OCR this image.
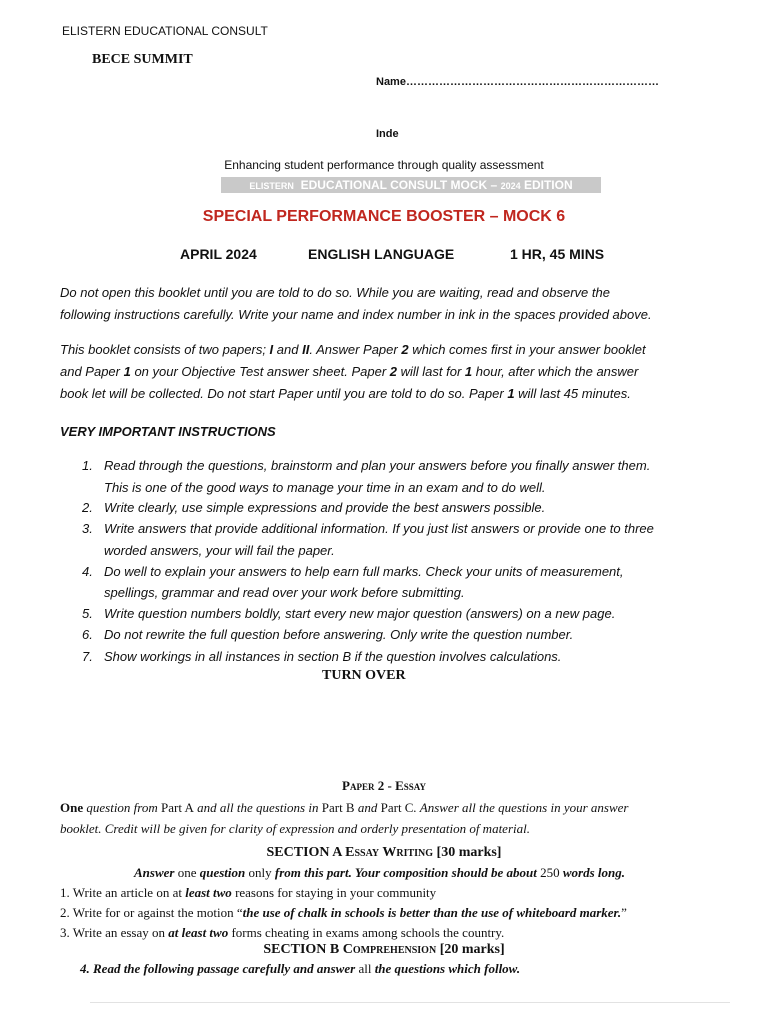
ELISTERN EDUCATIONAL CONSULT
BECE SUMMIT
Name……………………………………………………………
Inde
Enhancing student performance through quality assessment
ELISTERN EDUCATIONAL CONSULT MOCK – 2024 EDITION
SPECIAL PERFORMANCE BOOSTER – MOCK 6
APRIL 2024	ENGLISH LANGUAGE	1 HR, 45 MINS
Do not open this booklet until you are told to do so. While you are waiting, read and observe the
following instructions carefully. Write your name and index number in ink in the spaces provided above.
This booklet consists of two papers; I and II. Answer Paper 2 which comes first in your answer booklet
and Paper 1 on your Objective Test answer sheet. Paper 2 will last for 1 hour, after which the answer
book let will be collected. Do not start Paper until you are told to do so. Paper 1 will last 45 minutes.
VERY IMPORTANT INSTRUCTIONS
1. Read through the questions, brainstorm and plan your answers before you finally answer them.
This is one of the good ways to manage your time in an exam and to do well.
2. Write clearly, use simple expressions and provide the best answers possible.
3. Write answers that provide additional information. If you just list answers or provide one to three
worded answers, your will fail the paper.
4. Do well to explain your answers to help earn full marks. Check your units of measurement,
spellings, grammar and read over your work before submitting.
5. Write question numbers boldly, start every new major question (answers) on a new page.
6. Do not rewrite the full question before answering. Only write the question number.
7. Show workings in all instances in section B if the question involves calculations.
TURN OVER
Paper 2 - Essay
One question from Part A and all the questions in Part B and Part C. Answer all the questions in your answer
booklet. Credit will be given for clarity of expression and orderly presentation of material.
SECTION A Essay Writing [30 marks]
Answer one question only from this part. Your composition should be about 250 words long.
1. Write an article on at least two reasons for staying in your community
2. Write for or against the motion “the use of chalk in schools is better than the use of whiteboard marker.”
3. Write an essay on at least two forms cheating in exams among schools the country.
SECTION B Comprehension [20 marks]
4. Read the following passage carefully and answer all the questions which follow.
